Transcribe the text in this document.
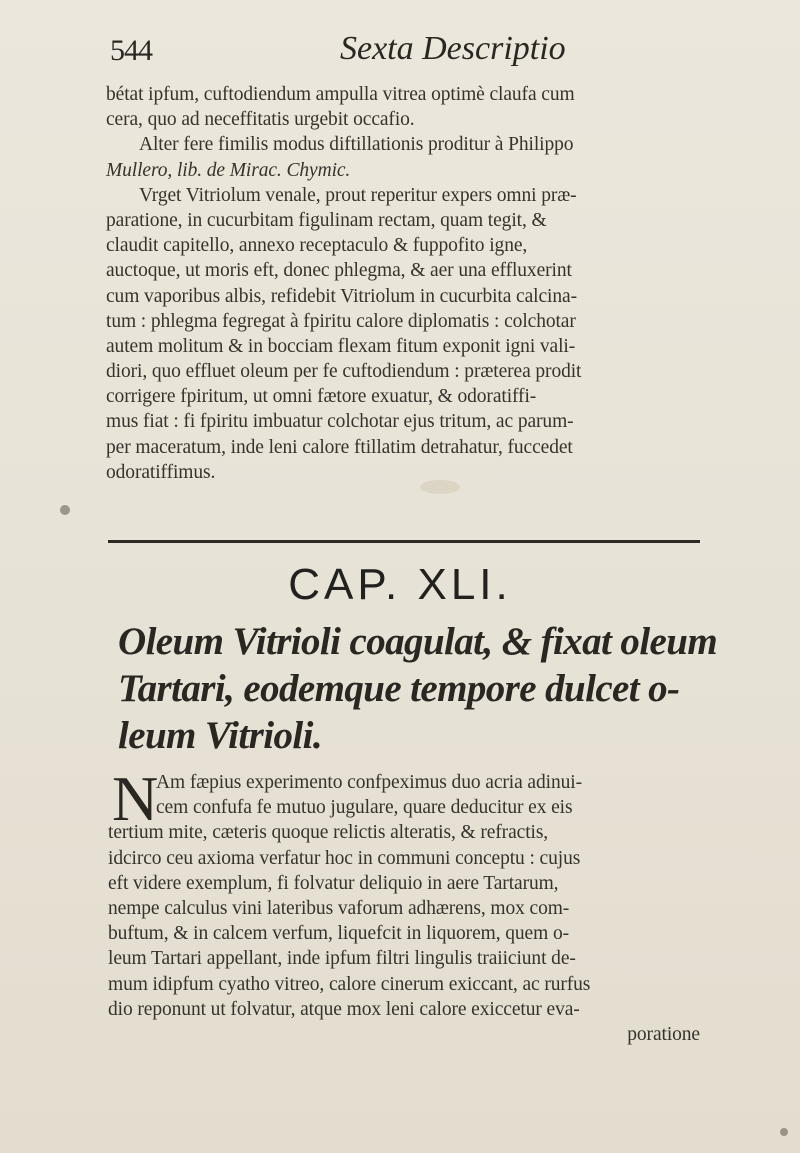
544	Sexta Descriptio
bétat ipfum, cuftodiendum ampulla vitrea optimè claufa cum
cera, quo ad neceffitatis urgebit occafio.
Alter fere fimilis modus diftillationis proditur à Philippo
Mullero, lib. de Mirac. Chymic.
Vrget Vitriolum venale, prout reperitur expers omni præ-
paratione, in cucurbitam figulinam rectam, quam tegit, &
claudit capitello, annexo receptaculo & fuppofito igne,
auctoque, ut moris eft, donec phlegma, & aer una effluxerint
cum vaporibus albis, refidebit Vitriolum in cucurbita calcina-
tum : phlegma fegregat à fpiritu calore diplomatis : colchotar
autem molitum & in bocciam flexam fitum exponit igni vali-
diori, quo effluet oleum per fe cuftodiendum : præterea prodit
corrigere fpiritum, ut omni fætore exuatur, & odoratiffi-
mus fiat : fi fpiritu imbuatur colchotar ejus tritum, ac parum-
per maceratum, inde leni calore ftillatim detrahatur, fuccedet
odoratiffimus.
CAP. XLI.
Oleum Vitrioli coagulat, & fixat oleum
Tartari, eodemque tempore dulcet o-
leum Vitrioli.
N
Am fæpius experimento confpeximus duo acria adinui-
cem confufa fe mutuo jugulare, quare deducitur ex eis
tertium mite, cæteris quoque relictis alteratis, & refractis,
idcirco ceu axioma verfatur hoc in communi conceptu : cujus
eft videre exemplum, fi folvatur deliquio in aere Tartarum,
nempe calculus vini lateribus vaforum adhærens, mox com-
buftum, & in calcem verfum, liquefcit in liquorem, quem o-
leum Tartari appellant, inde ipfum filtri lingulis traiiciunt de-
mum idipfum cyatho vitreo, calore cinerum exiccant, ac rurfus
dio reponunt ut folvatur, atque mox leni calore exiccetur eva-
poratione
